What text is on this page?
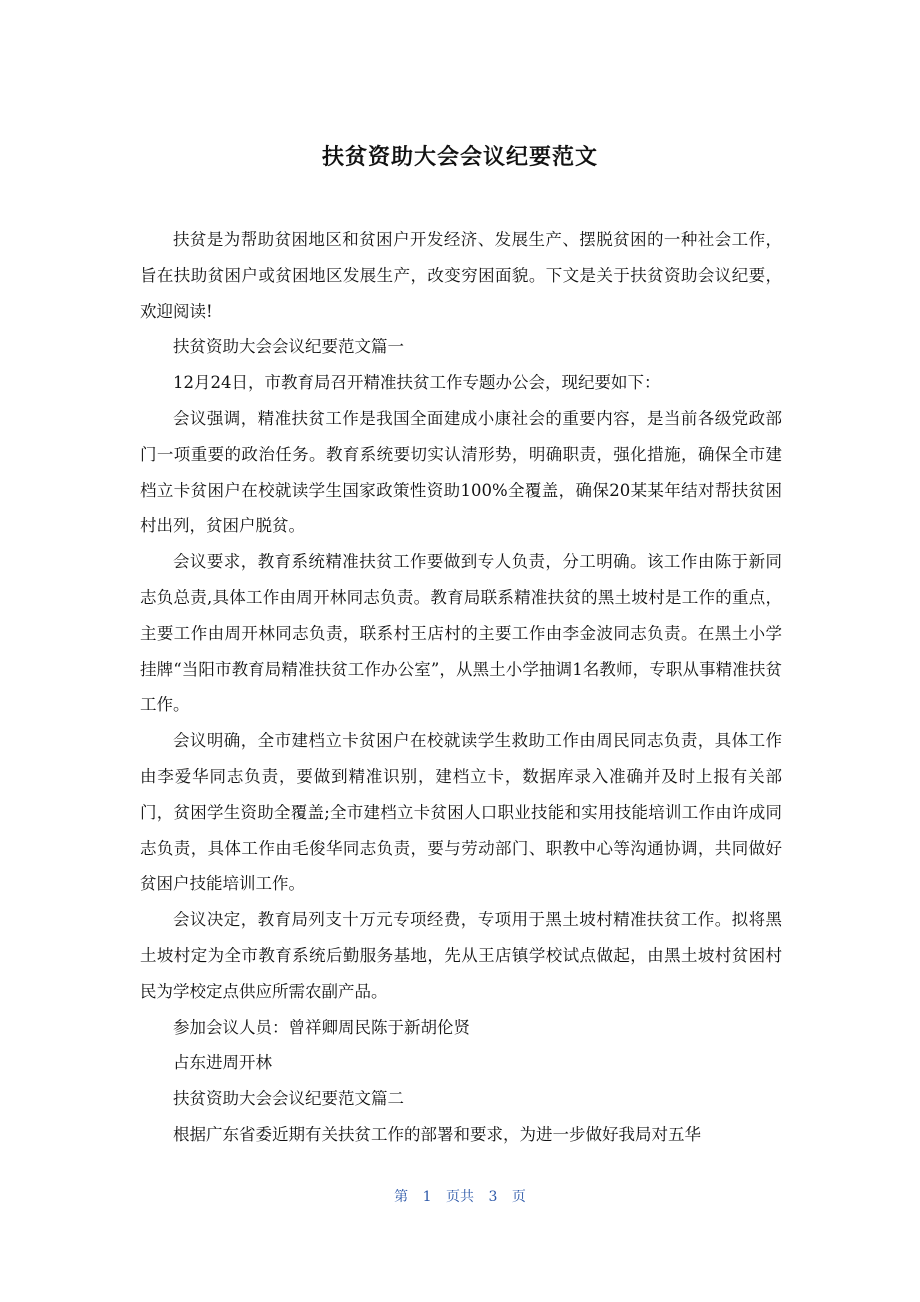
扶贫资助大会会议纪要范文

扶贫是为帮助贫困地区和贫困户开发经济、发展生产、摆脱贫困的一种社会工作，旨在扶助贫困户或贫困地区发展生产，改变穷困面貌。下文是关于扶贫资助会议纪要，欢迎阅读!

扶贫资助大会会议纪要范文篇一

12月24日，市教育局召开精准扶贫工作专题办公会，现纪要如下：

会议强调，精准扶贫工作是我国全面建成小康社会的重要内容，是当前各级党政部门一项重要的政治任务。教育系统要切实认清形势，明确职责，强化措施，确保全市建档立卡贫困户在校就读学生国家政策性资助100%全覆盖，确保20某某年结对帮扶贫困村出列，贫困户脱贫。

会议要求，教育系统精准扶贫工作要做到专人负责，分工明确。该工作由陈于新同志负总责,具体工作由周开林同志负责。教育局联系精准扶贫的黑土坡村是工作的重点，主要工作由周开林同志负责，联系村王店村的主要工作由李金波同志负责。在黑土小学挂牌“当阳市教育局精准扶贫工作办公室”，从黑土小学抽调1名教师，专职从事精准扶贫工作。

会议明确，全市建档立卡贫困户在校就读学生救助工作由周民同志负责，具体工作由李爱华同志负责，要做到精准识别，建档立卡，数据库录入准确并及时上报有关部门，贫困学生资助全覆盖;全市建档立卡贫困人口职业技能和实用技能培训工作由许成同志负责，具体工作由毛俊华同志负责，要与劳动部门、职教中心等沟通协调，共同做好贫困户技能培训工作。

会议决定，教育局列支十万元专项经费，专项用于黑土坡村精准扶贫工作。拟将黑土坡村定为全市教育系统后勤服务基地，先从王店镇学校试点做起，由黑土坡村贫困村民为学校定点供应所需农副产品。

参加会议人员：曾祥卿周民陈于新胡伦贤

占东进周开林

扶贫资助大会会议纪要范文篇二

根据广东省委近期有关扶贫工作的部署和要求，为进一步做好我局对五华

第 1 页共 3 页
